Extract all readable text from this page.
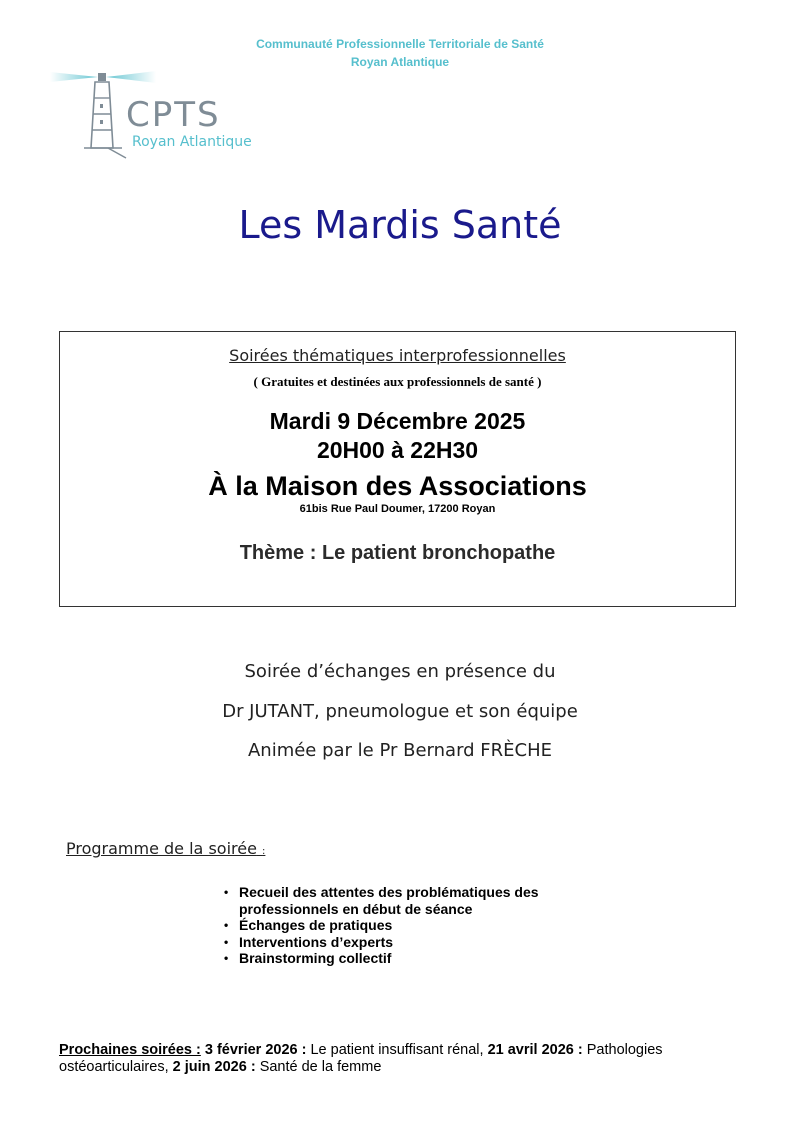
Communauté Professionnelle Territoriale de Santé
Royan Atlantique
CPTS
Royan Atlantique
Les Mardis Santé
Soirées thématiques interprofessionnelles
( Gratuites et destinées aux professionnels de santé )
Mardi 9 Décembre 2025
20H00 à 22H30
À la Maison des Associations
61bis Rue Paul Doumer, 17200 Royan
Thème : Le patient bronchopathe
Soirée d’échanges en présence du
Dr JUTANT, pneumologue et son équipe
Animée par le Pr Bernard FRÈCHE
Programme de la soirée :
• Recueil des attentes des problématiques des professionnels en début de séance
• Échanges de pratiques
• Interventions d’experts
• Brainstorming collectif
Prochaines soirées : 3 février 2026 : Le patient insuffisant rénal, 21 avril 2026 : Pathologies ostéoarticulaires, 2 juin 2026 : Santé de la femme
